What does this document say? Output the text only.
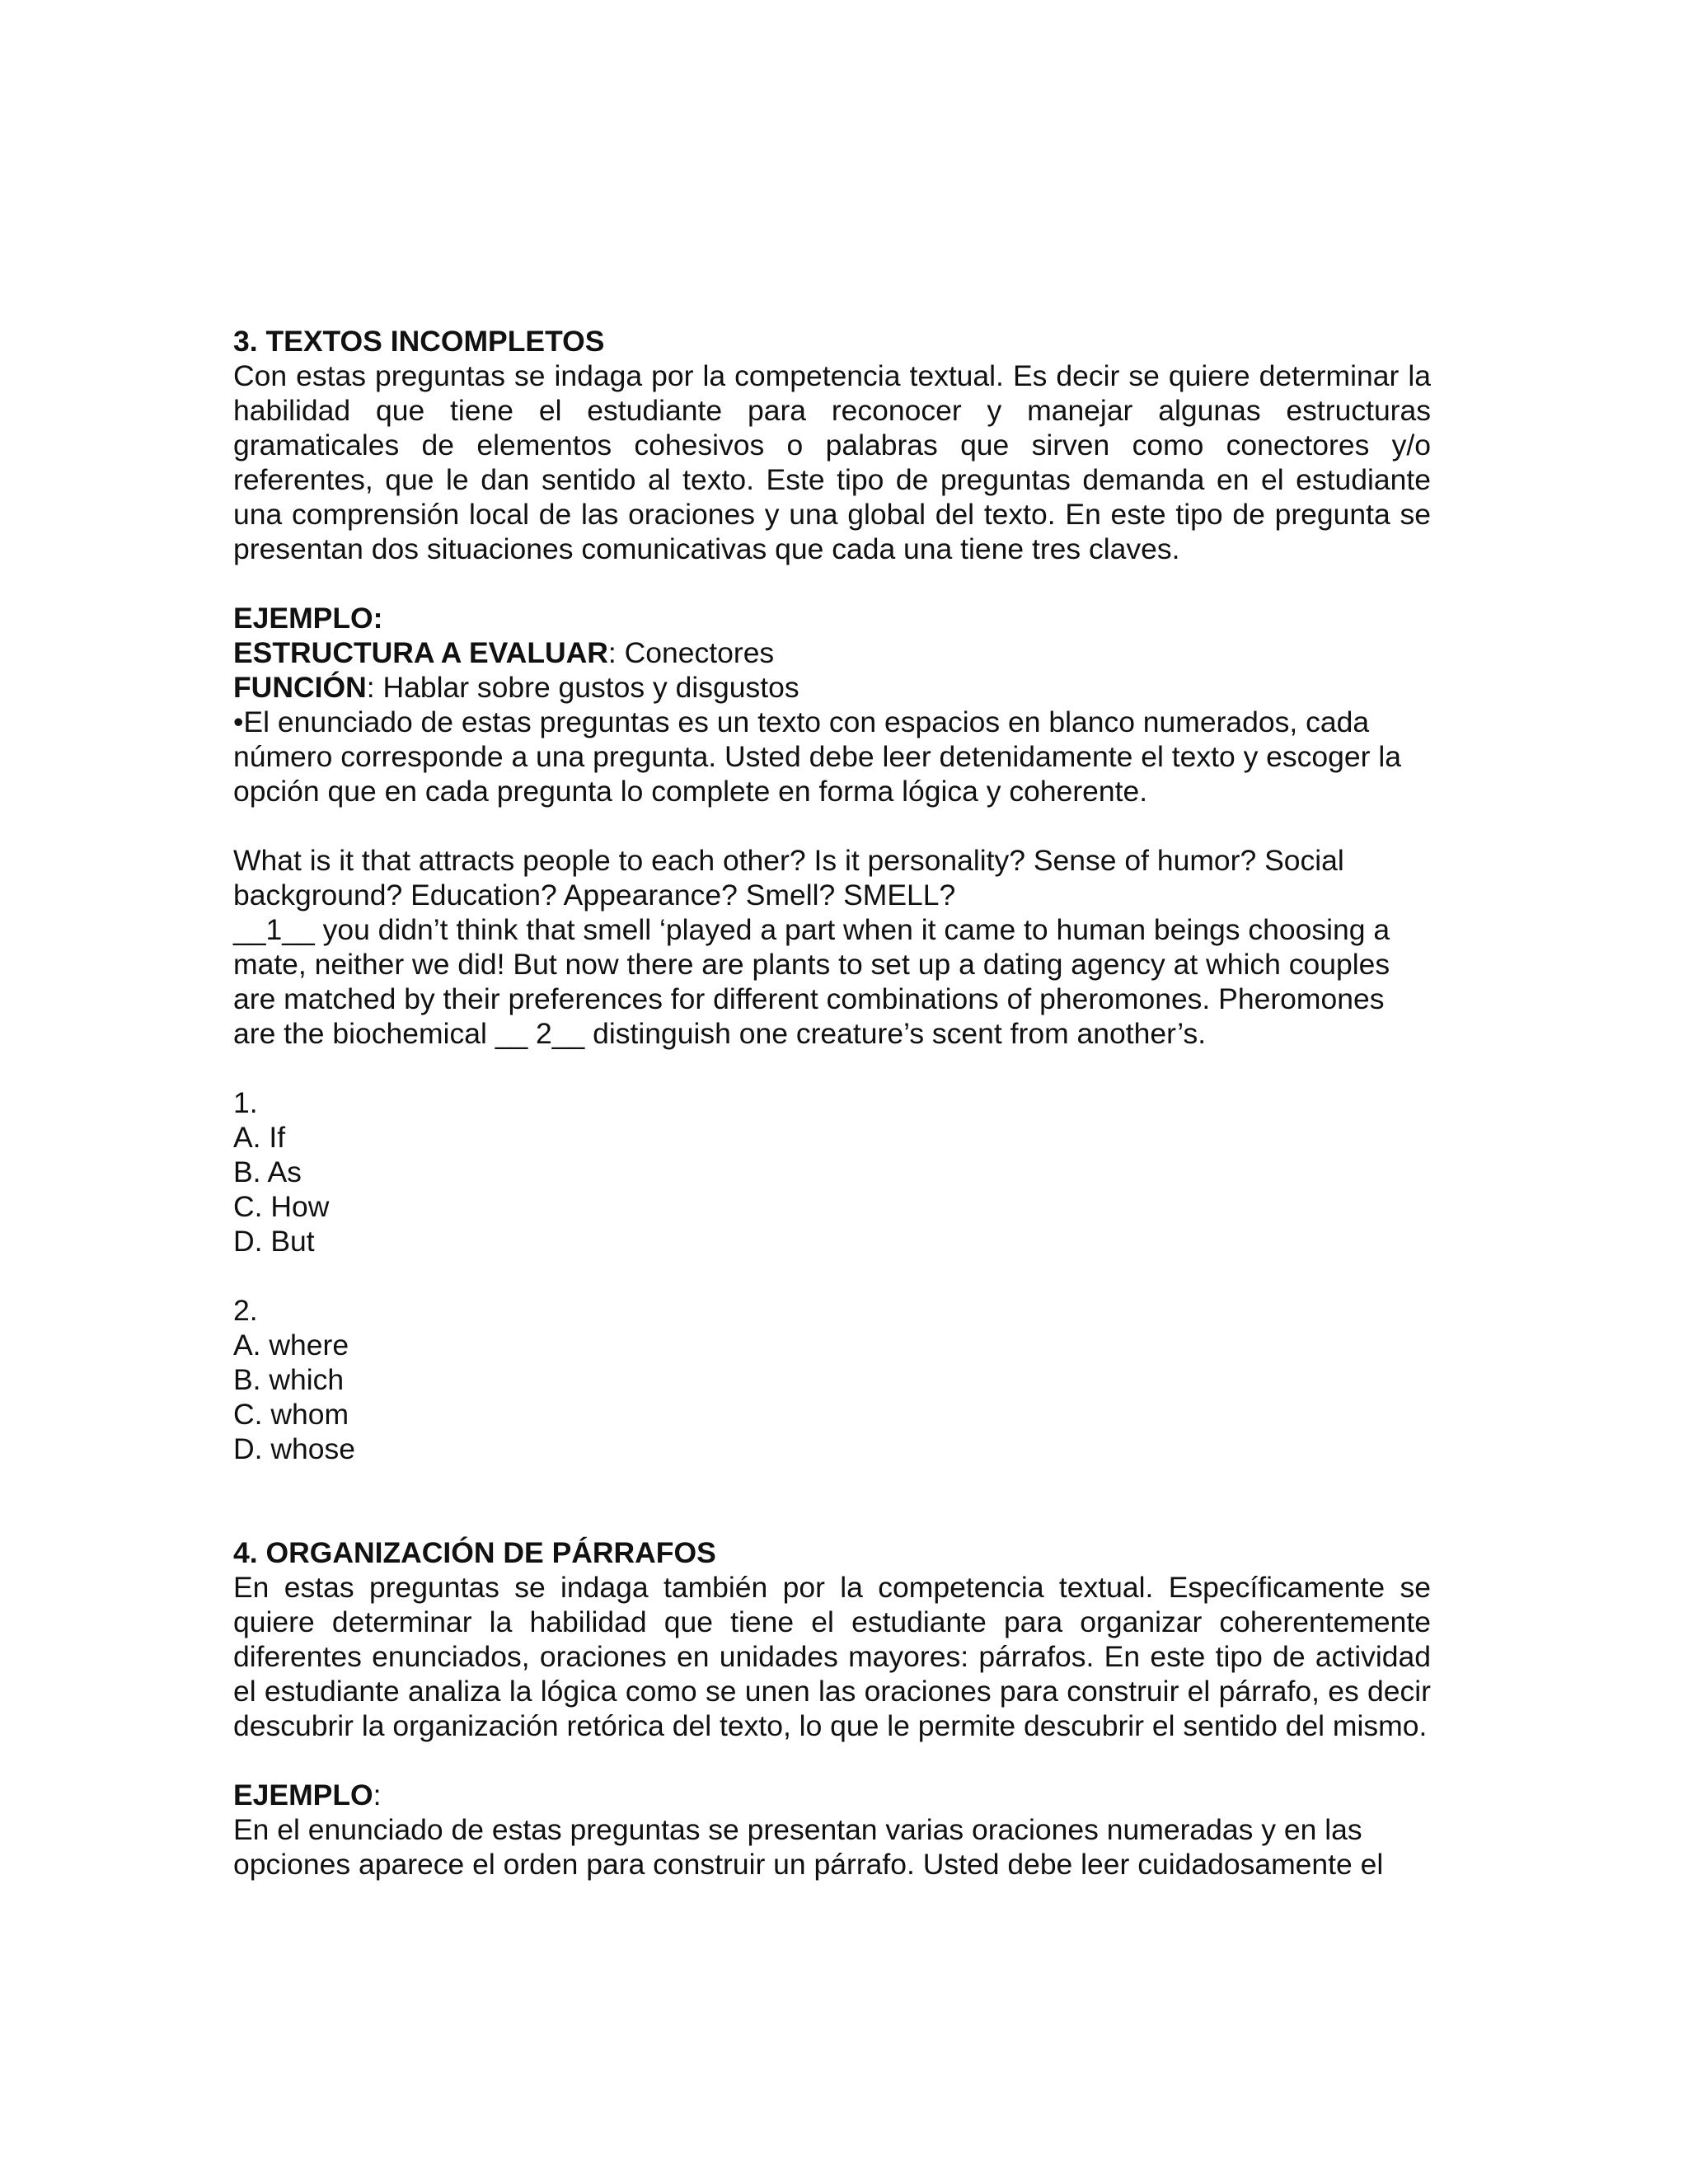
3. TEXTOS INCOMPLETOS

Con estas preguntas se indaga por la competencia textual. Es decir se quiere determinar la habilidad que tiene el estudiante para reconocer y manejar algunas estructuras gramaticales de elementos cohesivos o palabras que sirven como conectores y/o referentes, que le dan sentido al texto. Este tipo de preguntas demanda en el estudiante una comprensión local de las oraciones y una global del texto. En este tipo de pregunta se presentan dos situaciones comunicativas que cada una tiene tres claves.

EJEMPLO:

ESTRUCTURA A EVALUAR: Conectores

FUNCIÓN: Hablar sobre gustos y disgustos

•El enunciado de estas preguntas es un texto con espacios en blanco numerados, cada número corresponde a una pregunta. Usted debe leer detenidamente el texto y escoger la opción que en cada pregunta lo complete en forma lógica y coherente.

What is it that attracts people to each other? Is it personality? Sense of humor? Social background? Education? Appearance? Smell? SMELL?

__1__ you didn’t think that smell ‘played a part when it came to human beings choosing a mate, neither we did! But now there are plants to set up a dating agency at which couples are matched by their preferences for different combinations of pheromones. Pheromones are the biochemical __ 2__ distinguish one creature’s scent from another’s.

1.

A. If
B. As
C. How
D. But

2.

A. where
B. which
C. whom
D. whose

4. ORGANIZACIÓN DE PÁRRAFOS

En estas preguntas se indaga también por la competencia textual. Específicamente se quiere determinar la habilidad que tiene el estudiante para organizar coherentemente diferentes enunciados, oraciones en unidades mayores: párrafos. En este tipo de actividad el estudiante analiza la lógica como se unen las oraciones para construir el párrafo, es decir descubrir la organización retórica del texto, lo que le permite descubrir el sentido del mismo.

EJEMPLO:

En el enunciado de estas preguntas se presentan varias oraciones numeradas y en las opciones aparece el orden para construir un párrafo. Usted debe leer cuidadosamente el
